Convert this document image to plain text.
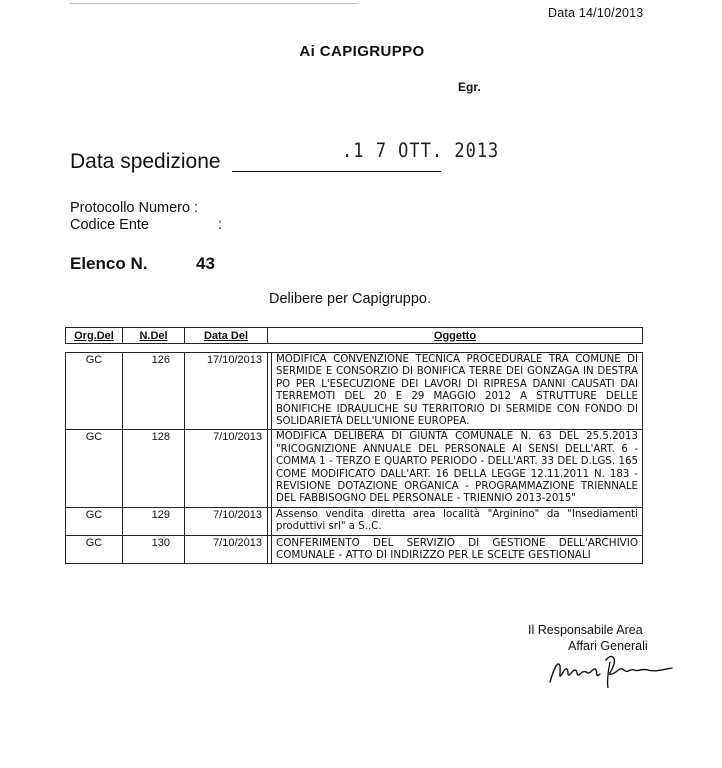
Data 14/10/2013
Ai CAPIGRUPPO
Egr.
Data spedizione	.1 7 OTT. 2013
Protocollo Numero :
Codice Ente	:
Elenco N.	43
Delibere per Capigruppo.
Org.Del N.Del	Data Del	Oggetto
GC	126	17/10/2013	MODIFICA CONVENZIONE TECNICA PROCEDURALE TRA COMUNE DI SERMIDE E CONSORZIO DI BONIFICA TERRE DEI GONZAGA IN DESTRA PO PER L'ESECUZIONE DEI LAVORI DI RIPRESA DANNI CAUSATI DAI TERREMOTI DEL 20 E 29 MAGGIO 2012 A STRUTTURE DELLE BONIFICHE IDRAULICHE SU TERRITORIO DI SERMIDE CON FONDO DI SOLIDARIETÀ DELL'UNIONE EUROPEA.

GC	128	7/10/2013	MODIFICA DELIBERA DI GIUNTA COMUNALE N. 63 DEL 25.5.2013 "RICOGNIZIONE ANNUALE DEL PERSONALE AI SENSI DELL'ART. 6 - COMMA 1 - TERZO E QUARTO PERIODO - DELL'ART. 33 DEL D.LGS. 165 COME MODIFICATO DALL'ART. 16 DELLA LEGGE 12.11.2011 N. 183 - REVISIONE DOTAZIONE ORGANICA - PROGRAMMAZIONE TRIENNALE DEL FABBISOGNO DEL PERSONALE - TRIENNIO 2013-2015"

GC	129	7/10/2013	Assenso vendita diretta area località "Arginino" da "Insediamenti produttivi srl" a S..C.

GC	130	7/10/2013	CONFERIMENTO DEL SERVIZIO DI GESTIONE DELL'ARCHIVIO COMUNALE - ATTO DI INDIRIZZO PER LE SCELTE GESTIONALI
Il Responsabile Area
Affari Generali
